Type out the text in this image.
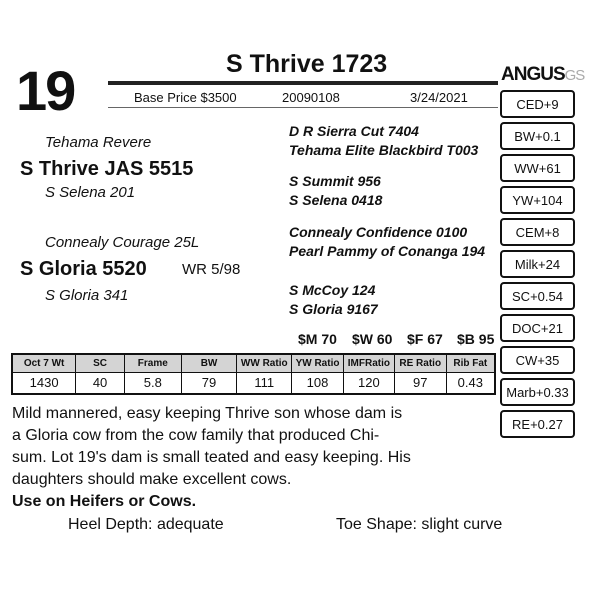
19	S Thrive 1723
Base Price $3500	20090108	3/24/2021
ANGUSGS
Tehama Revere
S Thrive JAS 5515
S Selena 201
D R Sierra Cut 7404
Tehama Elite Blackbird T003
S Summit 956
S Selena 0418
Connealy Courage 25L
S Gloria 5520 WR 5/98
S Gloria 341
Connealy Confidence 0100
Pearl Pammy of Conanga 194
S McCoy 124
S Gloria 9167
CED+9
BW+0.1
WW+61
YW+104
CEM+8
Milk+24
SC+0.54
DOC+21
CW+35
Marb+0.33
RE+0.27
$M 70 $W 60 $F 67 $B 95
Oct 7 Wt	SC	Frame	BW	WW Ratio	YW Ratio	IMFRatio	RE Ratio	Rib Fat
1430	40	5.8	79	111	108	120	97	0.43
Mild mannered, easy keeping Thrive son whose dam is
a Gloria cow from the cow family that produced Chi-
sum. Lot 19's dam is small teated and easy keeping. His
daughters should make excellent cows.
Use on Heifers or Cows.
Heel Depth: adequate	Toe Shape: slight curve
